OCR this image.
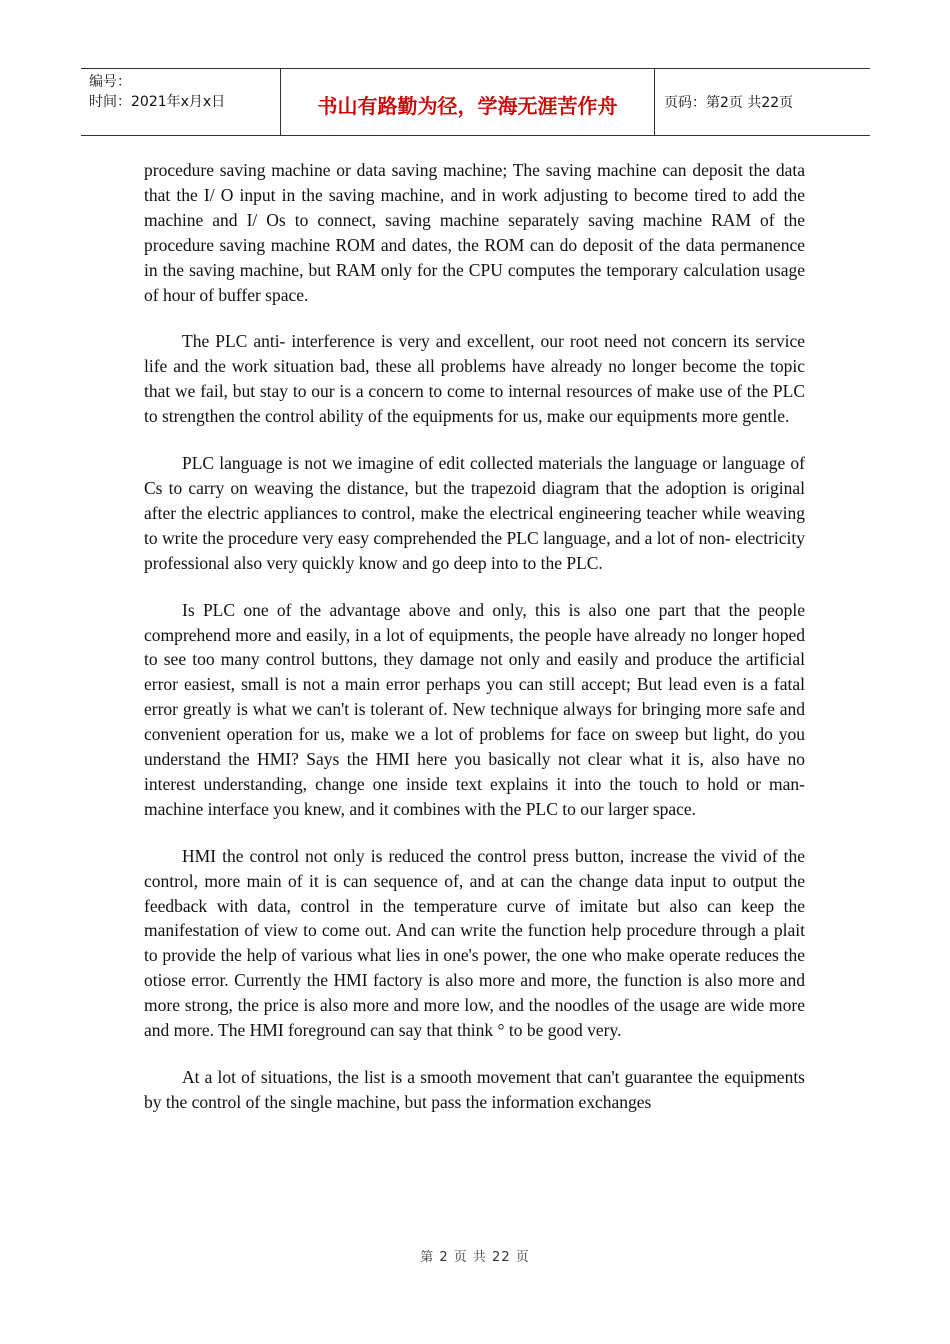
编号：
时间：2021年x月x日	书山有路勤为径，学海无涯苦作舟	页码：第2页 共22页

procedure saving machine or data saving machine; The saving machine can deposit the data that the I/ O input in the saving machine, and in work adjusting to become tired to add the machine and I/ Os to connect, saving machine separately saving machine RAM of the procedure saving machine ROM and dates, the ROM can do deposit of the data permanence in the saving machine, but RAM only for the CPU computes the temporary calculation usage of hour of buffer space.

The PLC anti- interference is very and excellent, our root need not concern its service life and the work situation bad, these all problems have already no longer become the topic that we fail, but stay to our is a concern to come to internal resources of make use of the PLC to strengthen the control ability of the equipments for us, make our equipments more gentle.

PLC language is not we imagine of edit collected materials the language or language of Cs to carry on weaving the distance, but the trapezoid diagram that the adoption is original after the electric appliances to control, make the electrical engineering teacher while weaving to write the procedure very easy comprehended the PLC language, and a lot of non- electricity professional also very quickly know and go deep into to the PLC.

Is PLC one of the advantage above and only, this is also one part that the people comprehend more and easily, in a lot of equipments, the people have already no longer hoped to see too many control buttons, they damage not only and easily and produce the artificial error easiest, small is not a main error perhaps you can still accept; But lead even is a fatal error greatly is what we can't is tolerant of. New technique always for bringing more safe and convenient operation for us, make we a lot of problems for face on sweep but light, do you understand the HMI? Says the HMI here you basically not clear what it is, also have no interest understanding, change one inside text explains it into the touch to hold or man-machine interface you knew, and it combines with the PLC to our larger space.

HMI the control not only is reduced the control press button, increase the vivid of the control, more main of it is can sequence of, and at can the change data input to output the feedback with data, control in the temperature curve of imitate but also can keep the manifestation of view to come out. And can write the function help procedure through a plait to provide the help of various what lies in one's power, the one who make operate reduces the otiose error. Currently the HMI factory is also more and more, the function is also more and more strong, the price is also more and more low, and the noodles of the usage are wide more and more. The HMI foreground can say that think ° to be good very.

At a lot of situations, the list is a smooth movement that can't guarantee the equipments by the control of the single machine, but pass the information exchanges

第 2 页 共 22 页
